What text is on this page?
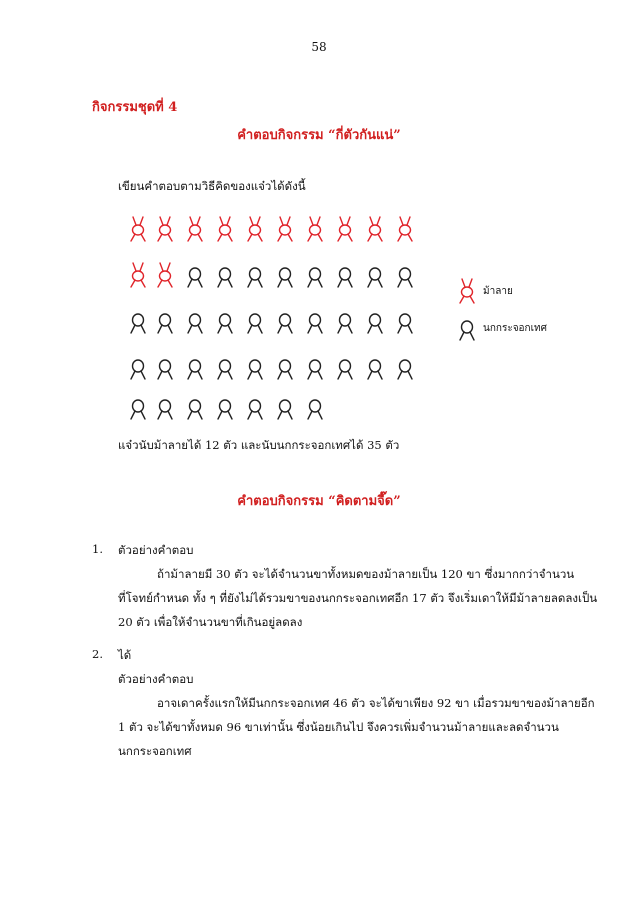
58
กิจกรรมชุดที่ 4
คำตอบกิจกรรม “กี่ตัวกันแน่”
เขียนคำตอบตามวิธีคิดของแจ๋วได้ดังนี้
ม้าลาย
นกกระจอกเทศ
แจ๋วนับม้าลายได้ 12 ตัว และนับนกกระจอกเทศได้ 35 ตัว
คำตอบกิจกรรม “คิดตามจี๊ด”
1. ตัวอย่างคำตอบ
ถ้าม้าลายมี 30 ตัว จะได้จำนวนขาทั้งหมดของม้าลายเป็น 120 ขา ซึ่งมากกว่าจำนวน
ที่โจทย์กำหนด ทั้ง ๆ ที่ยังไม่ได้รวมขาของนกกระจอกเทศอีก 17 ตัว จึงเริ่มเดาให้มีม้าลายลดลงเป็น
20 ตัว เพื่อให้จำนวนขาที่เกินอยู่ลดลง
2. ได้
ตัวอย่างคำตอบ
อาจเดาครั้งแรกให้มีนกกระจอกเทศ 46 ตัว จะได้ขาเพียง 92 ขา เมื่อรวมขาของม้าลายอีก
1 ตัว จะได้ขาทั้งหมด 96 ขาเท่านั้น ซึ่งน้อยเกินไป จึงควรเพิ่มจำนวนม้าลายและลดจำนวน
นกกระจอกเทศ
